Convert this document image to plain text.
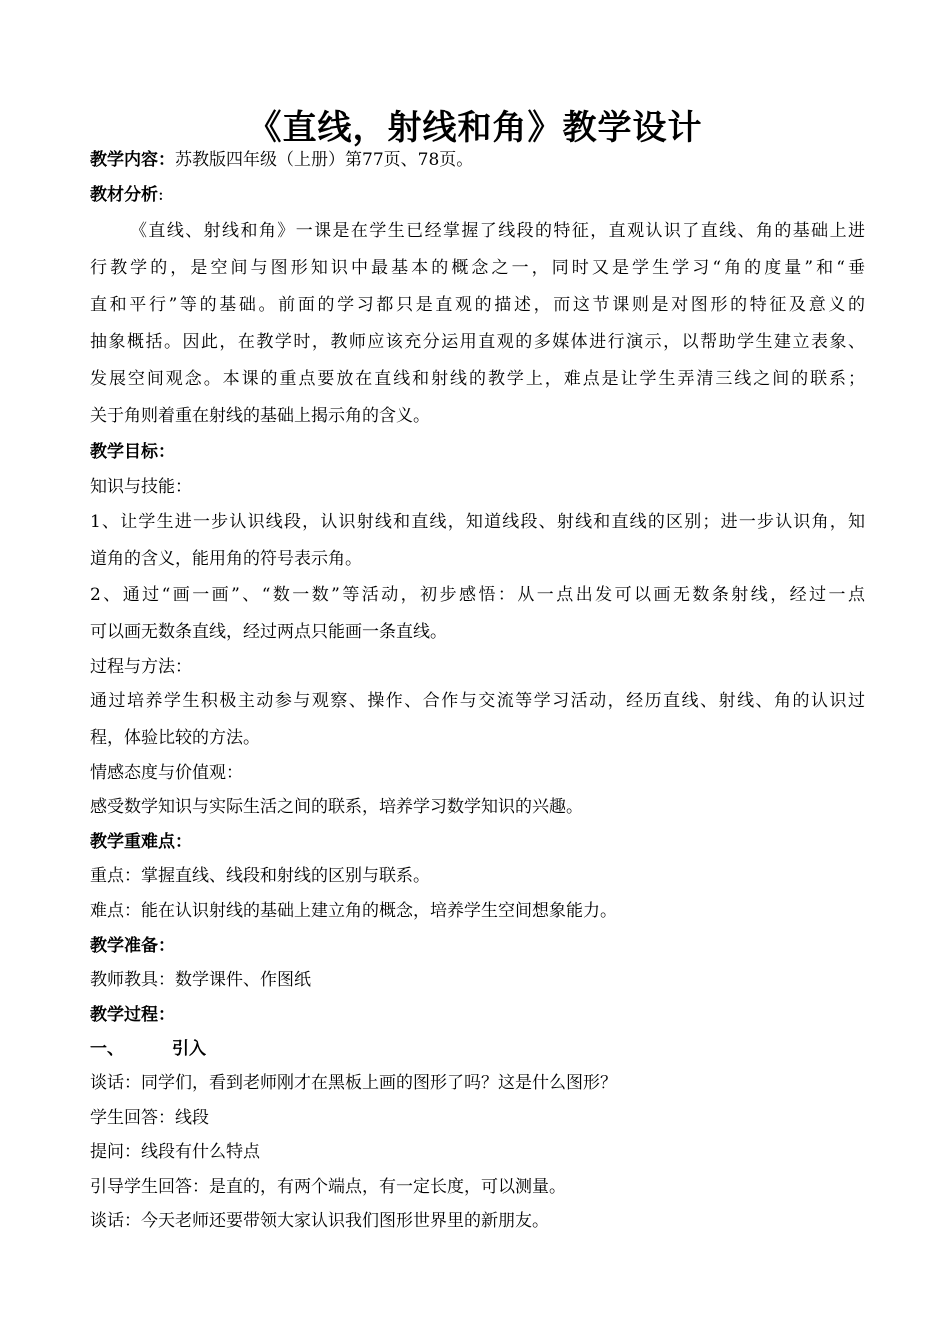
《直线，射线和角》教学设计
教学内容：苏教版四年级（上册）第77页、78页。
教材分析:
《直线、射线和角》一课是在学生已经掌握了线段的特征，直观认识了直线、角的基础上进
行教学的，是空间与图形知识中最基本的概念之一，同时又是学生学习“角的度量”和“垂
直和平行”等的基础。前面的学习都只是直观的描述，而这节课则是对图形的特征及意义的
抽象概括。因此，在教学时，教师应该充分运用直观的多媒体进行演示，以帮助学生建立表象、
发展空间观念。本课的重点要放在直线和射线的教学上，难点是让学生弄清三线之间的联系；
关于角则着重在射线的基础上揭示角的含义。
教学目标：
知识与技能：
1、让学生进一步认识线段，认识射线和直线，知道线段、射线和直线的区别；进一步认识角，知
道角的含义，能用角的符号表示角。
2、通过“画一画”、“数一数”等活动，初步感悟：从一点出发可以画无数条射线，经过一点
可以画无数条直线，经过两点只能画一条直线。
过程与方法：
通过培养学生积极主动参与观察、操作、合作与交流等学习活动，经历直线、射线、角的认识过
程，体验比较的方法。
情感态度与价值观：
感受数学知识与实际生活之间的联系，培养学习数学知识的兴趣。
教学重难点：
重点：掌握直线、线段和射线的区别与联系。
难点：能在认识射线的基础上建立角的概念，培养学生空间想象能力。
教学准备：
教师教具：数学课件、作图纸
教学过程：
一、	引入
谈话：同学们，看到老师刚才在黑板上画的图形了吗？这是什么图形？
学生回答：线段
提问：线段有什么特点
引导学生回答：是直的，有两个端点，有一定长度，可以测量。
谈话：今天老师还要带领大家认识我们图形世界里的新朋友。
